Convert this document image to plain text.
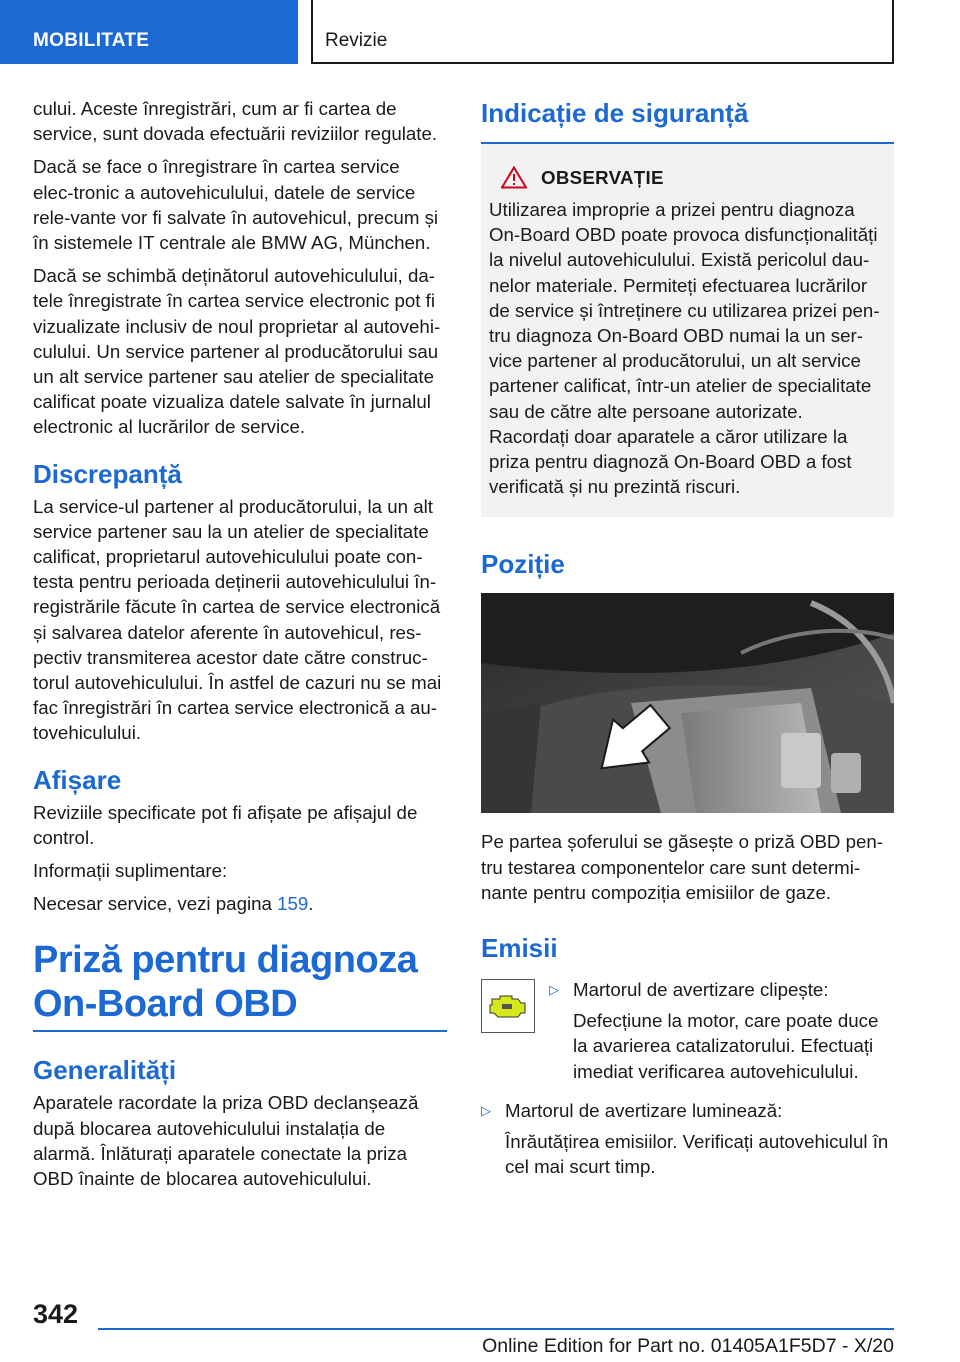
MOBILITATE	Revizie

cului. Aceste înregistrări, cum ar fi cartea de service, sunt dovada efectuării reviziilor regulate.

Dacă se face o înregistrare în cartea service elec‐tronic a autovehiculului, datele de service rele‐vante vor fi salvate în autovehicul, precum și în sistemele IT centrale ale BMW AG, München.

Dacă se schimbă deținătorul autovehiculului, da‐tele înregistrate în cartea service electronic pot fi vizualizate inclusiv de noul proprietar al autovehi‐culului. Un service partener al producătorului sau un alt service partener sau atelier de specialitate calificat poate vizualiza datele salvate în jurnalul electronic al lucrărilor de service.

Discrepanță

La service-ul partener al producătorului, la un alt service partener sau la un atelier de specialitate calificat, proprietarul autovehiculului poate con‐testa pentru perioada deținerii autovehiculului în‐registrările făcute în cartea de service electronică și salvarea datelor aferente în autovehicul, res‐pectiv transmiterea acestor date către construc‐torul autovehiculului. În astfel de cazuri nu se mai fac înregistrări în cartea service electronică a au‐tovehiculului.

Afișare

Reviziile specificate pot fi afișate pe afișajul de control.

Informații suplimentare:

Necesar service, vezi pagina 159.

Priză pentru diagnoza On-Board OBD
Generalități

Aparatele racordate la priza OBD declanșează după blocarea autovehiculului instalația de alarmă. Înlăturați aparatele conectate la priza OBD înainte de blocarea autovehiculului.

Indicație de siguranță
OBSERVAȚIE

Utilizarea improprie a prizei pentru diagnoza On-Board OBD poate provoca disfuncționalități la nivelul autovehiculului. Există pericolul dau‐nelor materiale. Permiteți efectuarea lucrărilor de service și întreținere cu utilizarea prizei pen‐tru diagnoza On-Board OBD numai la un ser‐vice partener al producătorului, un alt service partener calificat, într-un atelier de specialitate sau de către alte persoane autorizate. Racordați doar aparatele a căror utilizare la priza pentru diagnoză On-Board OBD a fost verificată și nu prezintă riscuri.

Poziție

Pe partea șoferului se găsește o priză OBD pen‐tru testarea componentelor care sunt determi‐nante pentru compoziția emisiilor de gaze.

Emisii
▷ Martorul de avertizare clipește:
Defecțiune la motor, care poate duce la avarierea catalizatorului. Efectuați imediat verificarea autovehiculului.
▷ Martorul de avertizare luminează:
Înrăutățirea emisiilor. Verificați autovehiculul în cel mai scurt timp.
342
Online Edition for Part no. 01405A1F5D7 - X/20
